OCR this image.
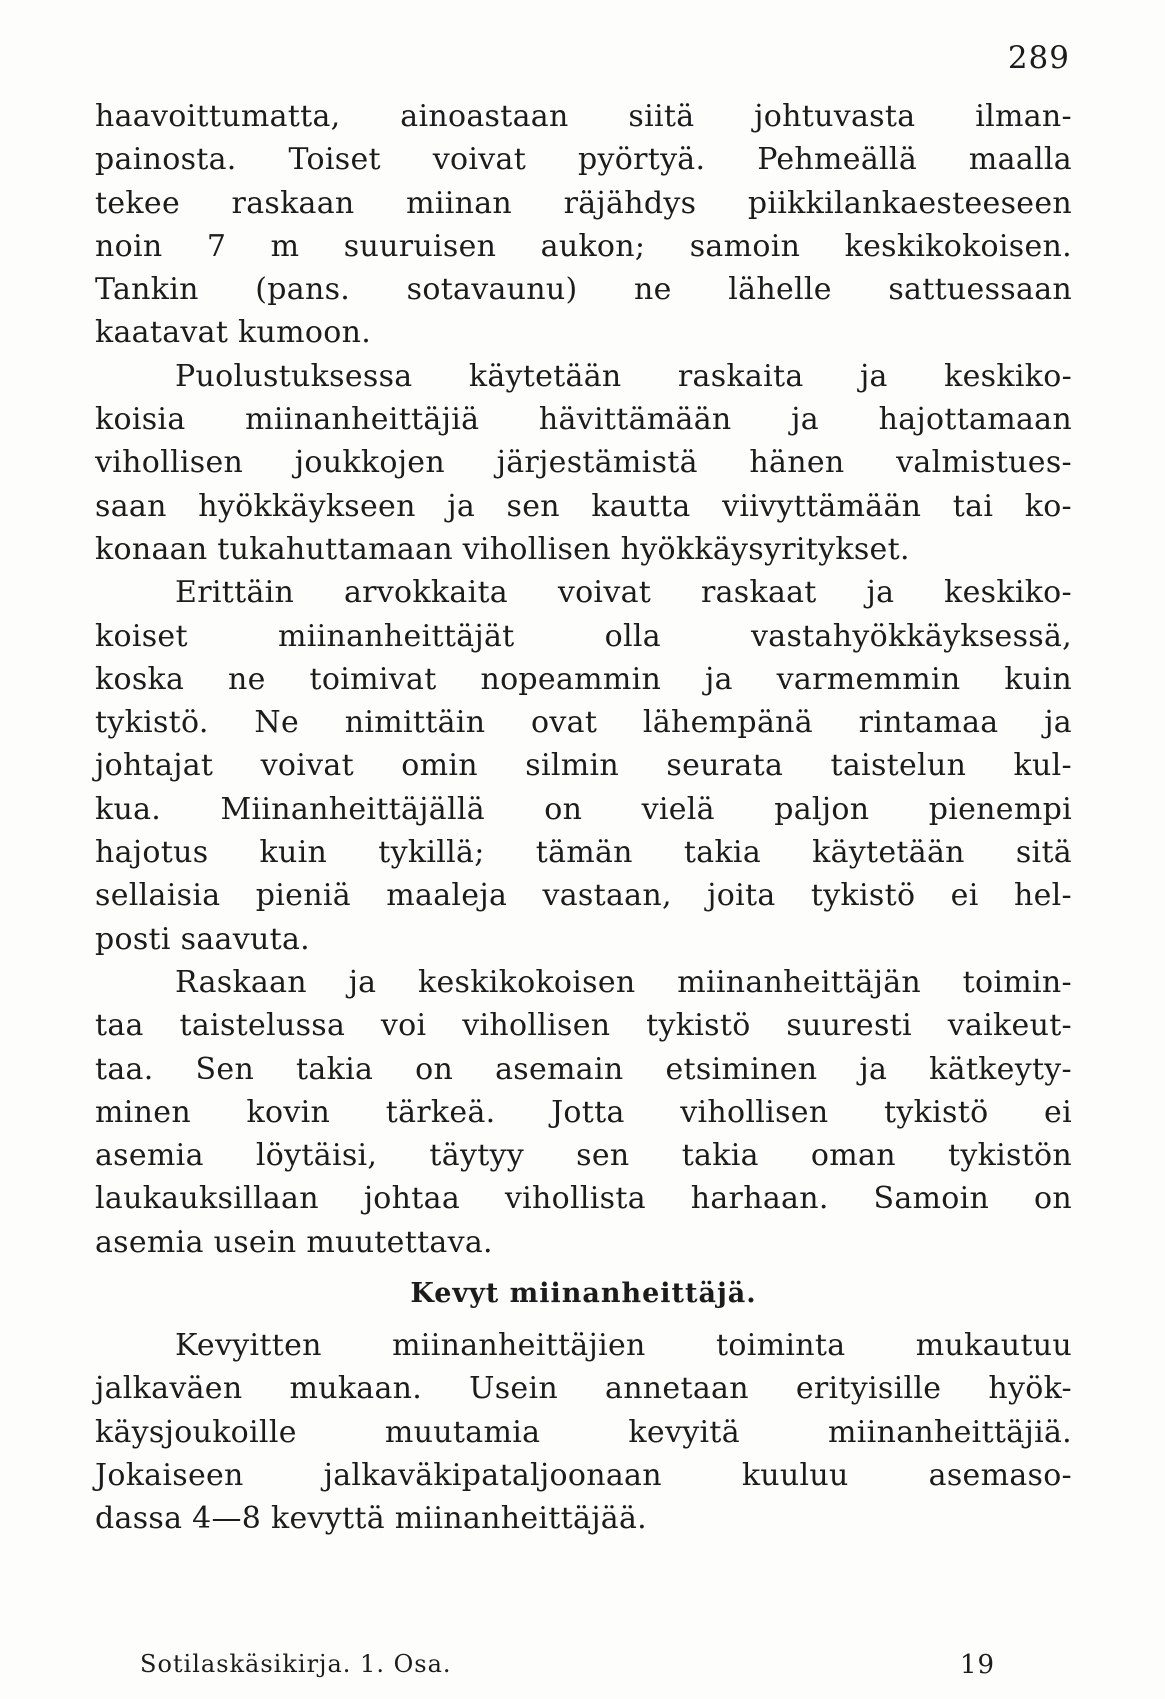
289
haavoittumatta, ainoastaan siitä johtuvasta ilman-
painosta. Toiset voivat pyörtyä. Pehmeällä maalla
tekee raskaan miinan räjähdys piikkilankaesteeseen
noin 7 m suuruisen aukon; samoin keskikokoisen.
Tankin (pans. sotavaunu) ne lähelle sattuessaan
kaatavat kumoon.
Puolustuksessa käytetään raskaita ja keskiko-
koisia miinanheittäjiä hävittämään ja hajottamaan
vihollisen joukkojen järjestämistä hänen valmistues-
saan hyökkäykseen ja sen kautta viivyttämään tai ko-
konaan tukahuttamaan vihollisen hyökkäysyritykset.
Erittäin arvokkaita voivat raskaat ja keskiko-
koiset miinanheittäjät olla vastahyökkäyksessä,
koska ne toimivat nopeammin ja varmemmin kuin
tykistö. Ne nimittäin ovat lähempänä rintamaa ja
johtajat voivat omin silmin seurata taistelun kul-
kua. Miinanheittäjällä on vielä paljon pienempi
hajotus kuin tykillä; tämän takia käytetään sitä
sellaisia pieniä maaleja vastaan, joita tykistö ei hel-
posti saavuta.
Raskaan ja keskikokoisen miinanheittäjän toimin-
taa taistelussa voi vihollisen tykistö suuresti vaikeut-
taa. Sen takia on asemain etsiminen ja kätkeyty-
minen kovin tärkeä. Jotta vihollisen tykistö ei
asemia löytäisi, täytyy sen takia oman tykistön
laukauksillaan johtaa vihollista harhaan. Samoin on
asemia usein muutettava.
Kevyt miinanheittäjä.
Kevyitten miinanheittäjien toiminta mukautuu
jalkaväen mukaan. Usein annetaan erityisille hyök-
käysjoukoille muutamia kevyitä miinanheittäjiä.
Jokaiseen jalkaväkipataljoonaan kuuluu asemaso-
dassa 4—8 kevyttä miinanheittäjää.
Sotilaskäsikirja. 1. Osa.	19
